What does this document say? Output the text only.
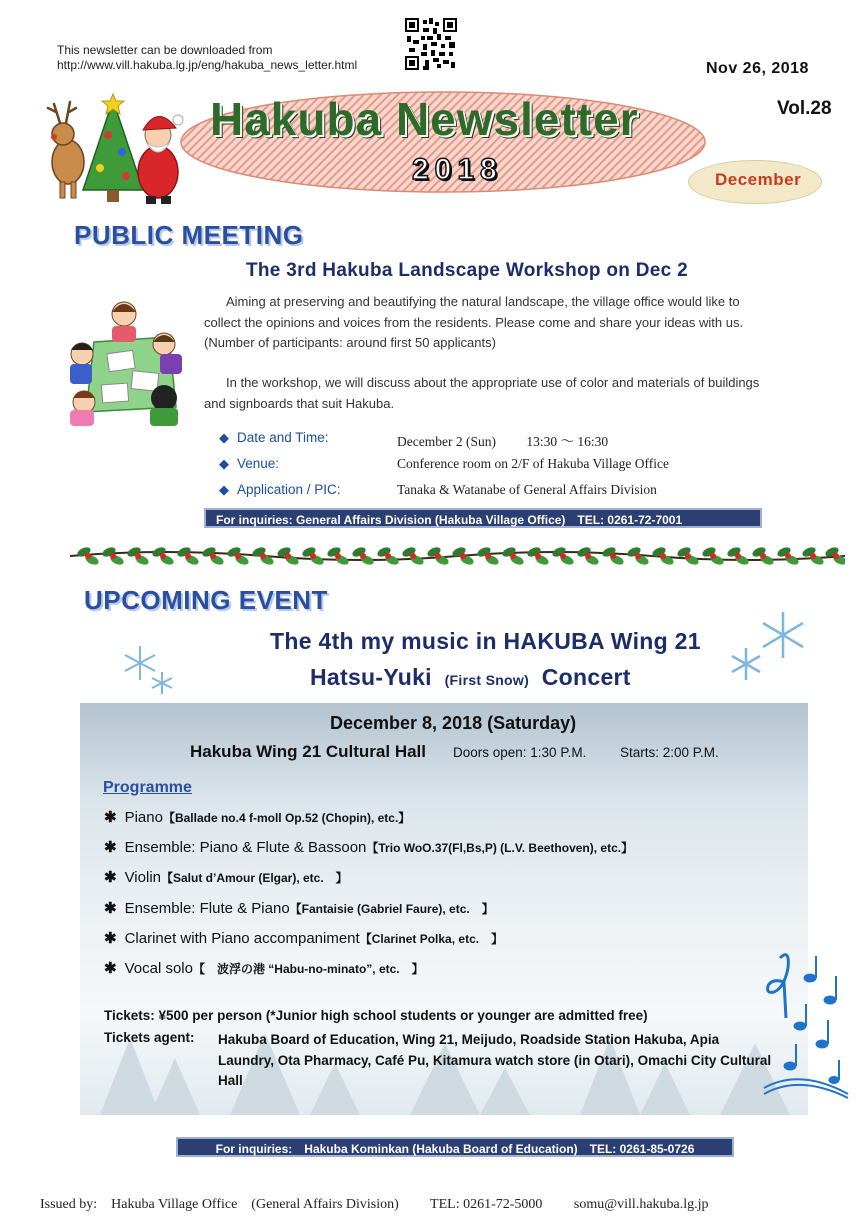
This newsletter can be downloaded from
http://www.vill.hakuba.lg.jp/eng/hakuba_news_letter.html	Nov 26, 2018
Vol.28
Hakuba Newsletter
2018	December
PUBLIC MEETING
The 3rd Hakuba Landscape Workshop on Dec 2
Aiming at preserving and beautifying the natural landscape, the village office would like to collect the opinions and voices from the residents. Please come and share your ideas with us.　(Number of participants: around first 50 applicants)
In the workshop, we will discuss about the appropriate use of color and materials of buildings and signboards that suit Hakuba.
◆ Date and Time:	December 2 (Sun)　　 13:30 ～ 16:30
◆ Venue:	Conference room on 2/F of Hakuba Village Office
◆ Application / PIC:	Tanaka & Watanabe of General Affairs Division
For inquiries: General Affairs Division (Hakuba Village Office)　TEL: 0261-72-7001
UPCOMING EVENT
The 4th my music in HAKUBA Wing 21
Hatsu-Yuki (First Snow) Concert
December 8, 2018 (Saturday)
Hakuba Wing 21 Cultural Hall Doors open: 1:30 P.M. Starts: 2:00 P.M.
Programme
✱ Piano【Ballade no.4 f-moll Op.52 (Chopin), etc.】
✱ Ensemble: Piano & Flute & Bassoon【Trio WoO.37(Fl,Bs,P) (L.V. Beethoven), etc.】
✱ Violin【Salut d’Amour (Elgar), etc.　】
✱ Ensemble: Flute & Piano【Fantaisie (Gabriel Faure), etc.　】
✱ Clarinet with Piano accompaniment【Clarinet Polka, etc.　】
✱ Vocal solo【　波浮の港 “Habu-no-minato”, etc.　】
Tickets: ¥500 per person (*Junior high school students or younger are admitted free)
Tickets agent: Hakuba Board of Education, Wing 21, Meijudo, Roadside Station Hakuba, Apia Laundry, Ota Pharmacy, Café Pu, Kitamura watch store (in Otari), Omachi City Cultural Hall
For inquiries:　Hakuba Kominkan (Hakuba Board of Education)　TEL: 0261-85-0726
Issued by:　Hakuba Village Office　(General Affairs Division) TEL: 0261-72-5000 somu@vill.hakuba.lg.jp
